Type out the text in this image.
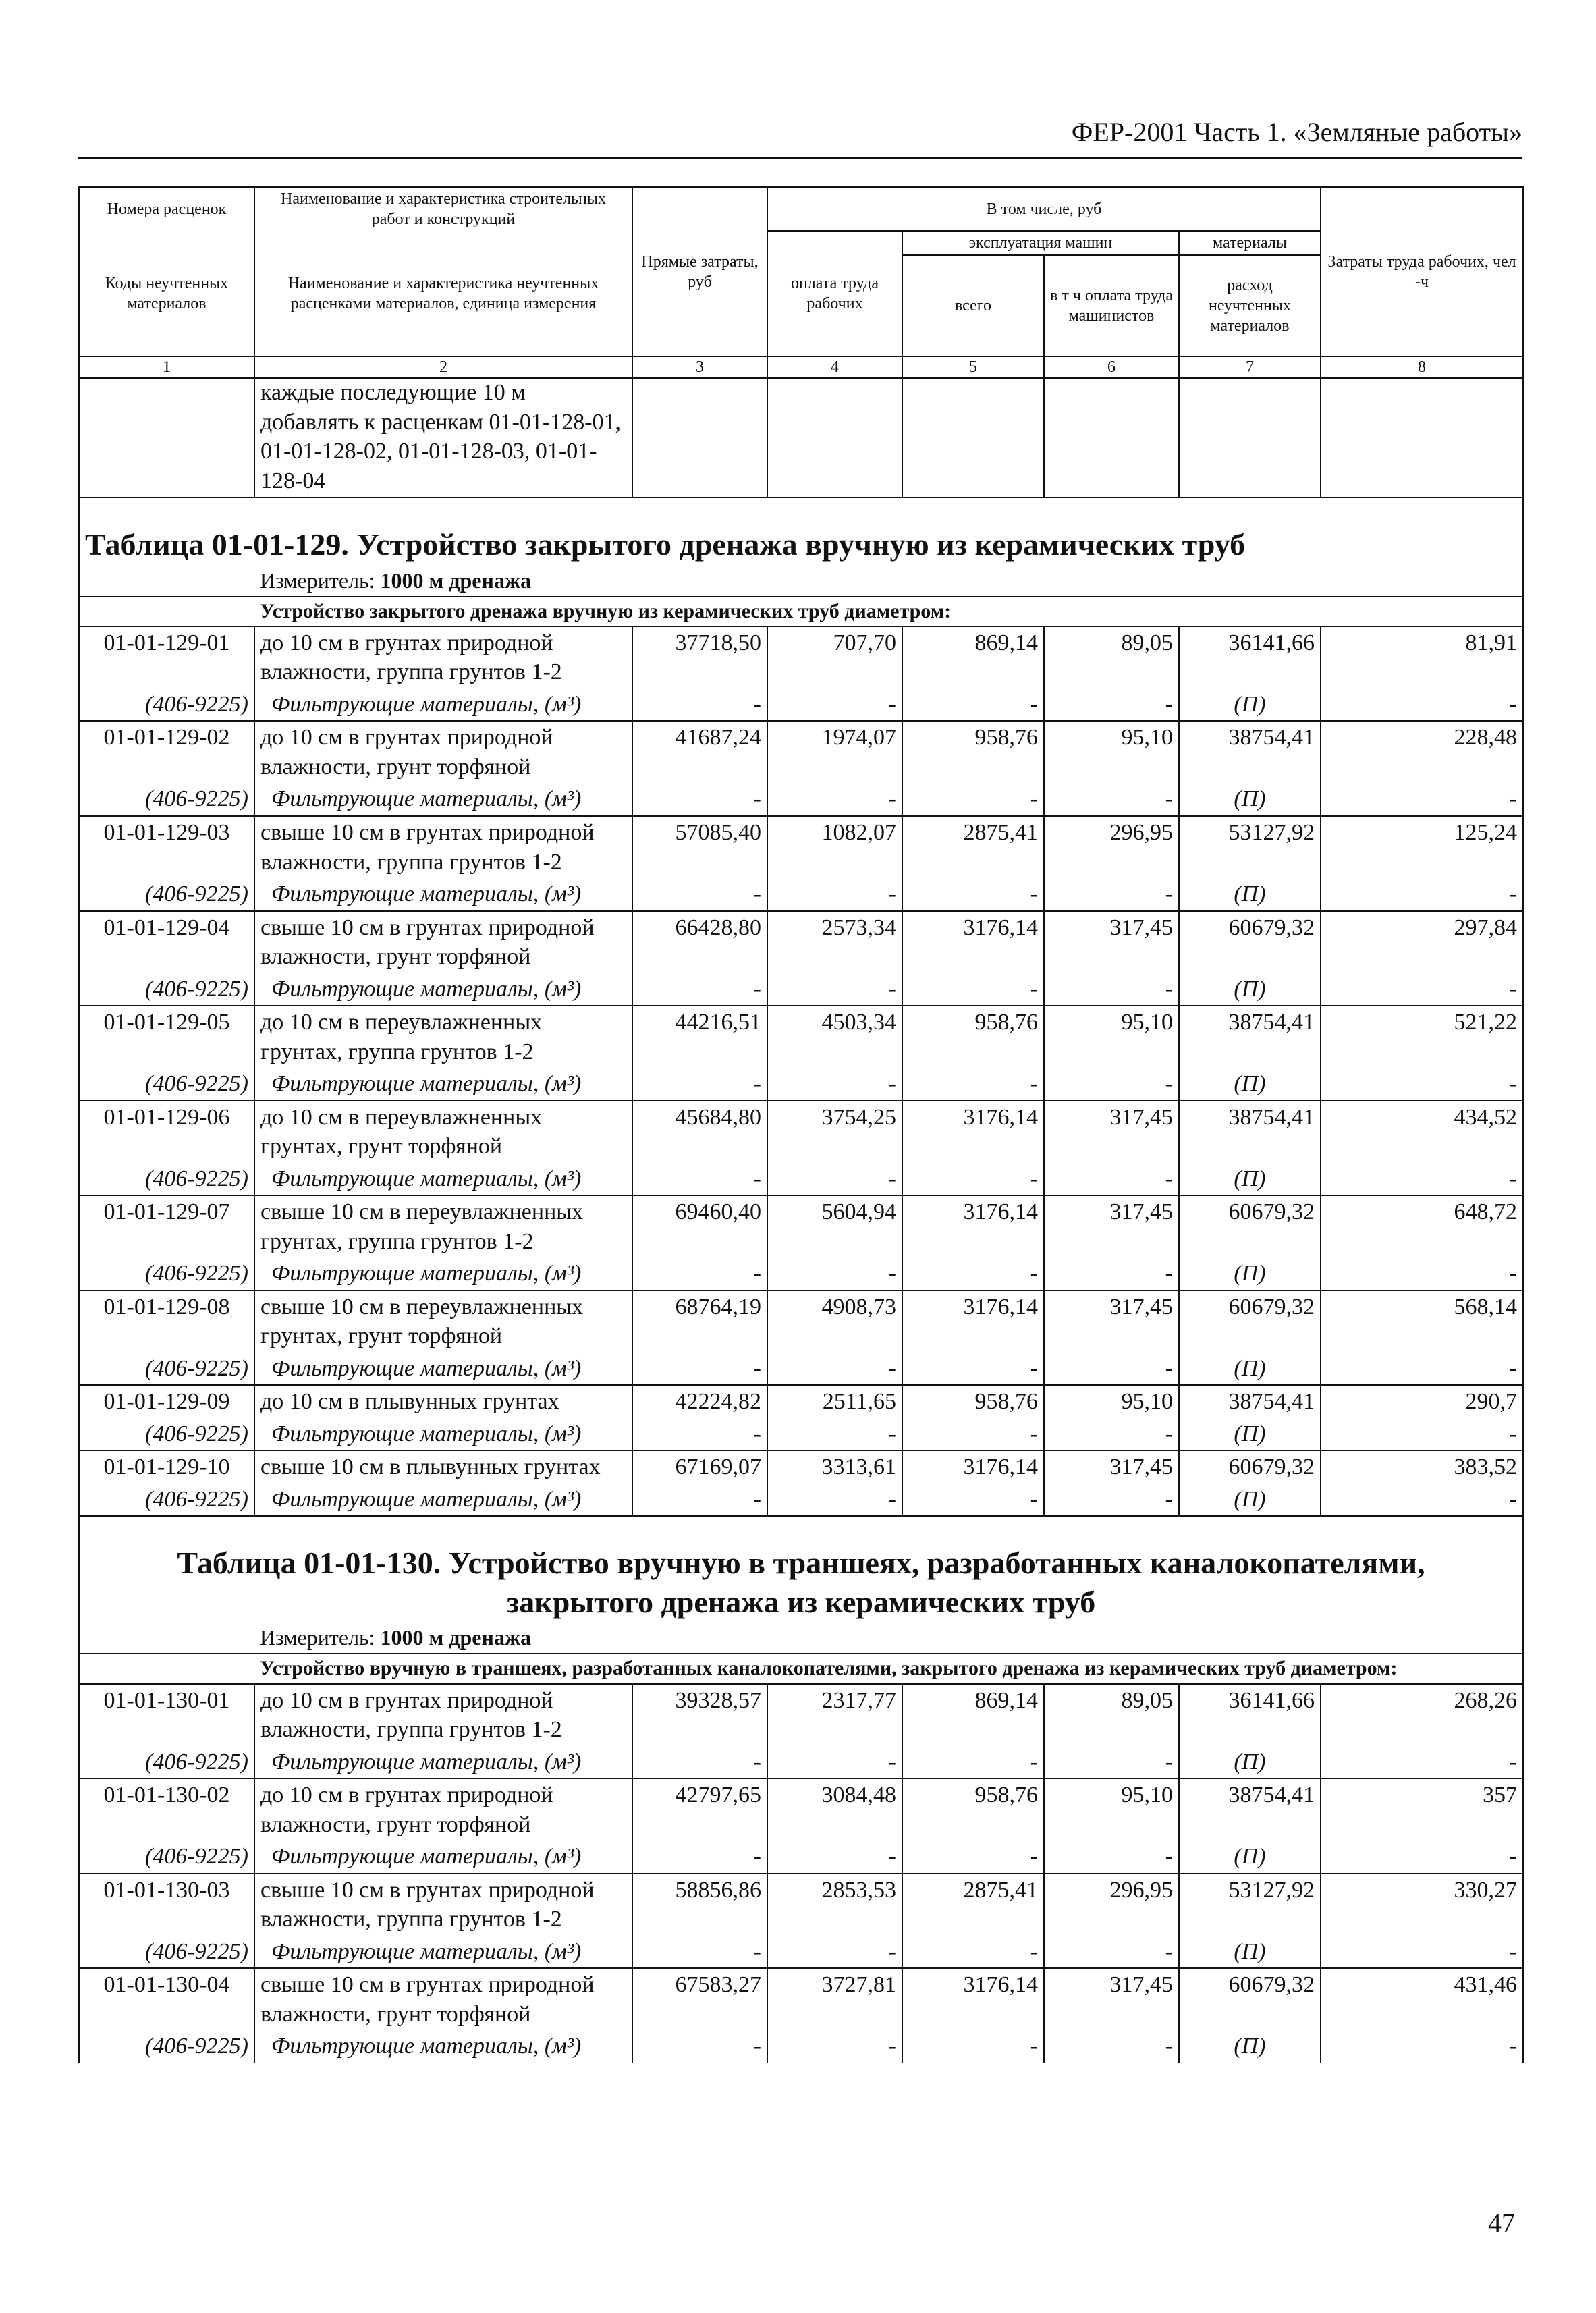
ФЕР-2001 Часть 1. «Земляные работы»
Номера расценок	Наименование и характеристика строительных работ и конструкций	Прямые затраты, руб	В том числе, руб				Затраты труда рабочих, чел -ч
Коды неучтенных материалов	Наименование и характеристика неучтенных расценками материалов, единица измерения		оплата труда рабочих	эксплуатация машин		материалы	
				всего	в т ч оплата труда машинистов	расход неучтенных материалов	
1	2	3	4	5	6	7	8
	каждые последующие 10 м добавлять к расценкам 01-01-128-01, 01-01-128-02, 01-01-128-03, 01-01-128-04						

Таблица 01-01-129. Устройство закрытого дренажа вручную из керамических труб							

	Измеритель: 1000 м дренажа						
	Устройство закрытого дренажа вручную из керамических труб диаметром:						
01-01-129-01	до 10 см в грунтах природной влажности, группа грунтов 1-2	37718,50	707,70	869,14	89,05	36141,66	81,91
(406-9225)	Фильтрующие материалы, (м³)	-	-	-	-	(П)	-
01-01-129-02	до 10 см в грунтах природной влажности, грунт торфяной	41687,24	1974,07	958,76	95,10	38754,41	228,48
(406-9225)	Фильтрующие материалы, (м³)	-	-	-	-	(П)	-
01-01-129-03	свыше 10 см в грунтах природной влажности, группа грунтов 1-2	57085,40	1082,07	2875,41	296,95	53127,92	125,24
(406-9225)	Фильтрующие материалы, (м³)	-	-	-	-	(П)	-
01-01-129-04	свыше 10 см в грунтах природной влажности, грунт торфяной	66428,80	2573,34	3176,14	317,45	60679,32	297,84
(406-9225)	Фильтрующие материалы, (м³)	-	-	-	-	(П)	-
01-01-129-05	до 10 см в переувлажненных грунтах, группа грунтов 1-2	44216,51	4503,34	958,76	95,10	38754,41	521,22
(406-9225)	Фильтрующие материалы, (м³)	-	-	-	-	(П)	-
01-01-129-06	до 10 см в переувлажненных грунтах, грунт торфяной	45684,80	3754,25	3176,14	317,45	38754,41	434,52
(406-9225)	Фильтрующие материалы, (м³)	-	-	-	-	(П)	-
01-01-129-07	свыше 10 см в переувлажненных грунтах, группа грунтов 1-2	69460,40	5604,94	3176,14	317,45	60679,32	648,72
(406-9225)	Фильтрующие материалы, (м³)	-	-	-	-	(П)	-
01-01-129-08	свыше 10 см в переувлажненных грунтах, грунт торфяной	68764,19	4908,73	3176,14	317,45	60679,32	568,14
(406-9225)	Фильтрующие материалы, (м³)	-	-	-	-	(П)	-
01-01-129-09	до 10 см в плывунных грунтах	42224,82	2511,65	958,76	95,10	38754,41	290,7
(406-9225)	Фильтрующие материалы, (м³)	-	-	-	-	(П)	-
01-01-129-10	свыше 10 см в плывунных грунтах	67169,07	3313,61	3176,14	317,45	60679,32	383,52
(406-9225)	Фильтрующие материалы, (м³)	-	-	-	-	(П)	-

Таблица 01-01-130. Устройство вручную в траншеях, разработанных каналокопателями,
закрытого дренажа из керамических труб							

	Измеритель: 1000 м дренажа						
	Устройство вручную в траншеях, разработанных каналокопателями, закрытого дренажа из керамических труб диаметром:						
01-01-130-01	до 10 см в грунтах природной влажности, группа грунтов 1-2	39328,57	2317,77	869,14	89,05	36141,66	268,26
(406-9225)	Фильтрующие материалы, (м³)	-	-	-	-	(П)	-
01-01-130-02	до 10 см в грунтах природной влажности, грунт торфяной	42797,65	3084,48	958,76	95,10	38754,41	357
(406-9225)	Фильтрующие материалы, (м³)	-	-	-	-	(П)	-
01-01-130-03	свыше 10 см в грунтах природной влажности, группа грунтов 1-2	58856,86	2853,53	2875,41	296,95	53127,92	330,27
(406-9225)	Фильтрующие материалы, (м³)	-	-	-	-	(П)	-
01-01-130-04	свыше 10 см в грунтах природной влажности, грунт торфяной	67583,27	3727,81	3176,14	317,45	60679,32	431,46
(406-9225)	Фильтрующие материалы, (м³)	-	-	-	-	(П)	-
47
